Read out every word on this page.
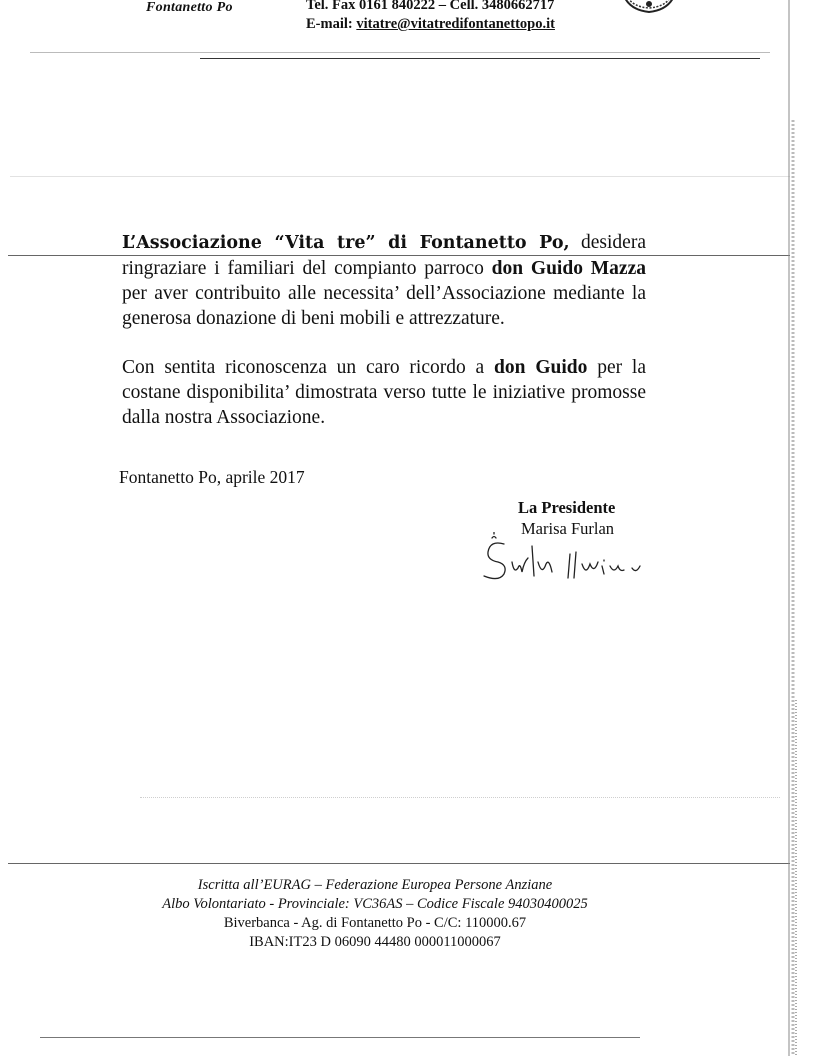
Fontanetto Po	Tel. Fax 0161 840222 – Cell. 3480662717
E-mail: vitatre@vitatredifontanettopo.it
L’Associazione “Vita tre” di Fontanetto Po, desidera ringraziare i familiari del compianto parroco don Guido Mazza per aver contribuito alle necessita’ dell’Associazione mediante la generosa donazione di beni mobili e attrezzature.
Con sentita riconoscenza un caro ricordo a don Guido per la costane disponibilita’ dimostrata verso tutte le iniziative promosse dalla nostra Associazione.
Fontanetto Po, aprile 2017
La Presidente
Marisa Furlan
Iscritta all’EURAG – Federazione Europea Persone Anziane
Albo Volontariato - Provinciale: VC36AS – Codice Fiscale 94030400025
Biverbanca - Ag. di Fontanetto Po - C/C: 110000.67
IBAN:IT23 D 06090 44480 000011000067
